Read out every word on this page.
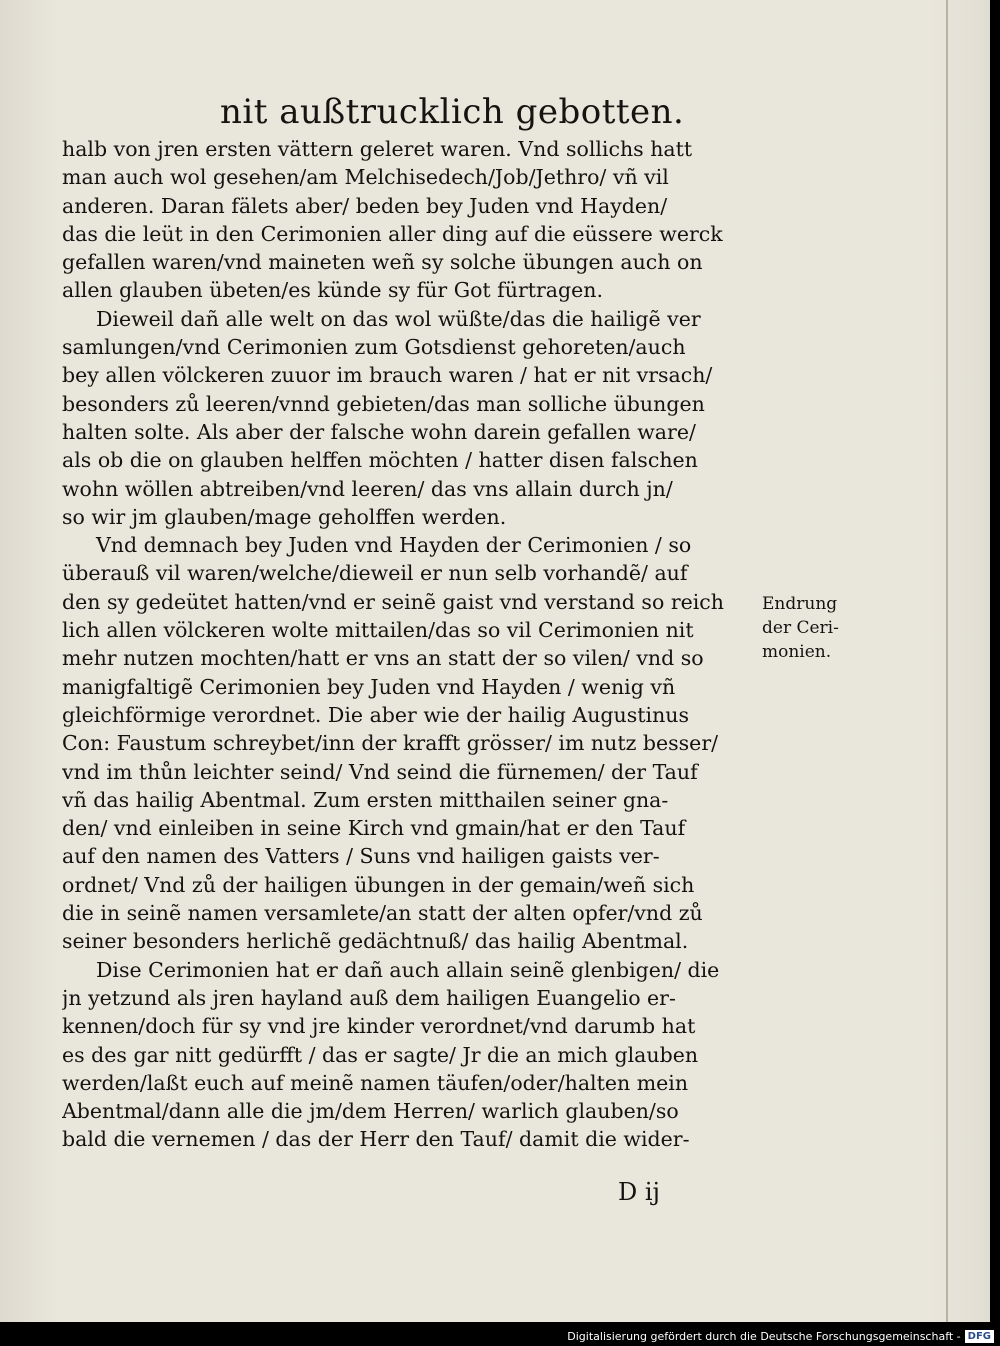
nit außtrucklich gebotten.
halb von jren ersten vättern geleret waren. Vnd sollichs hatt
man auch wol gesehen/am Melchisedech/Job/Jethro/ vñ vil
anderen. Daran fälets aber/ beden bey Juden vnd Hayden/
das die leüt in den Cerimonien aller ding auf die eüssere werck
gefallen waren/vnd maineten weñ sy solche übungen auch on
allen glauben übeten/es künde sy für Got fürtragen.
Dieweil dañ alle welt on das wol wüßte/das die hailigẽ ver
samlungen/vnd Cerimonien zum Gotsdienst gehoreten/auch
bey allen völckeren zuuor im brauch waren / hat er nit vrsach/
besonders zů leeren/vnnd gebieten/das man solliche übungen
halten solte. Als aber der falsche wohn darein gefallen ware/
als ob die on glauben helffen möchten / hatter disen falschen
wohn wöllen abtreiben/vnd leeren/ das vns allain durch jn/
so wir jm glauben/mage geholffen werden.
Vnd demnach bey Juden vnd Hayden der Cerimonien / so
überauß vil waren/welche/dieweil er nun selb vorhandẽ/ auf
den sy gedeütet hatten/vnd er seinẽ gaist vnd verstand so reich
lich allen völckeren wolte mittailen/das so vil Cerimonien nit
mehr nutzen mochten/hatt er vns an statt der so vilen/ vnd so
manigfaltigẽ Cerimonien bey Juden vnd Hayden / wenig vñ
gleichförmige verordnet. Die aber wie der hailig Augustinus
Con: Faustum schreybet/inn der krafft grösser/ im nutz besser/
vnd im thůn leichter seind/ Vnd seind die fürnemen/ der Tauf
vñ das hailig Abentmal. Zum ersten mitthailen seiner gna-
den/ vnd einleiben in seine Kirch vnd gmain/hat er den Tauf
auf den namen des Vatters / Suns vnd hailigen gaists ver-
ordnet/ Vnd zů der hailigen übungen in der gemain/weñ sich
die in seinẽ namen versamlete/an statt der alten opfer/vnd zů
seiner besonders herlichẽ gedächtnuß/ das hailig Abentmal.
Dise Cerimonien hat er dañ auch allain seinẽ glenbigen/ die
jn yetzund als jren hayland auß dem hailigen Euangelio er-
kennen/doch für sy vnd jre kinder verordnet/vnd darumb hat
es des gar nitt gedürfft / das er sagte/ Jr die an mich glauben
werden/laßt euch auf meinẽ namen täufen/oder/halten mein
Abentmal/dann alle die jm/dem Herren/ warlich glauben/so
bald die vernemen / das der Herr den Tauf/ damit die wider-
Endrung
der Ceri-
monien.
D ij
Digitalisierung gefördert durch die Deutsche Forschungsgemeinschaft - DFG
